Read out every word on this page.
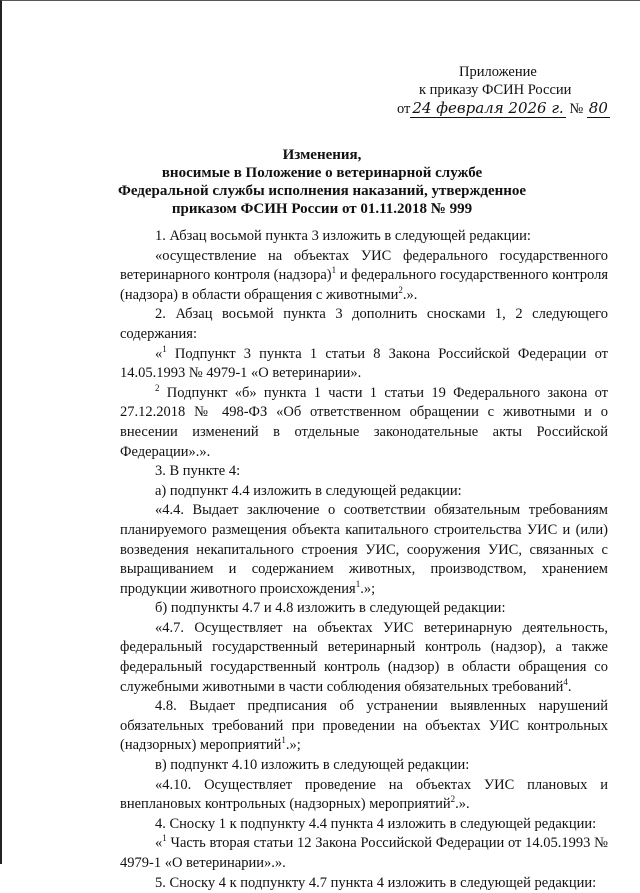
Приложение
к приказу ФСИН России
от 24 февраля 2026 г. № 80
Изменения,
вносимые в Положение о ветеринарной службе
Федеральной службы исполнения наказаний, утвержденное
приказом ФСИН России от 01.11.2018 № 999

1. Абзац восьмой пункта 3 изложить в следующей редакции:

«осуществление на объектах УИС федерального государственного ветеринарного контроля (надзора)$^1$ и федерального государственного контроля (надзора) в области обращения с животными$^2$.».

2. Абзац восьмой пункта 3 дополнить сносками 1, 2 следующего содержания:

«$^1$ Подпункт 3 пункта 1 статьи 8 Закона Российской Федерации от 14.05.1993 № 4979-1 «О ветеринарии».

$^2$ Подпункт «б» пункта 1 части 1 статьи 19 Федерального закона от 27.12.2018 № 498-ФЗ «Об ответственном обращении с животными и о внесении изменений в отдельные законодательные акты Российской Федерации».».

3. В пункте 4:

а) подпункт 4.4 изложить в следующей редакции:

«4.4. Выдает заключение о соответствии обязательным требованиям планируемого размещения объекта капитального строительства УИС и (или) возведения некапитального строения УИС, сооружения УИС, связанных с выращиванием и содержанием животных, производством, хранением продукции животного происхождения$^1$.»;

б) подпункты 4.7 и 4.8 изложить в следующей редакции:

«4.7. Осуществляет на объектах УИС ветеринарную деятельность, федеральный государственный ветеринарный контроль (надзор), а также федеральный государственный контроль (надзор) в области обращения со служебными животными в части соблюдения обязательных требований$^4$.

4.8. Выдает предписания об устранении выявленных нарушений обязательных требований при проведении на объектах УИС контрольных (надзорных) мероприятий$^1$.»;

в) подпункт 4.10 изложить в следующей редакции:

«4.10. Осуществляет проведение на объектах УИС плановых и внеплановых контрольных (надзорных) мероприятий$^2$.».

4. Сноску 1 к подпункту 4.4 пункта 4 изложить в следующей редакции:

«$^1$ Часть вторая статьи 12 Закона Российской Федерации от 14.05.1993 № 4979-1 «О ветеринарии».».

5. Сноску 4 к подпункту 4.7 пункта 4 изложить в следующей редакции:
